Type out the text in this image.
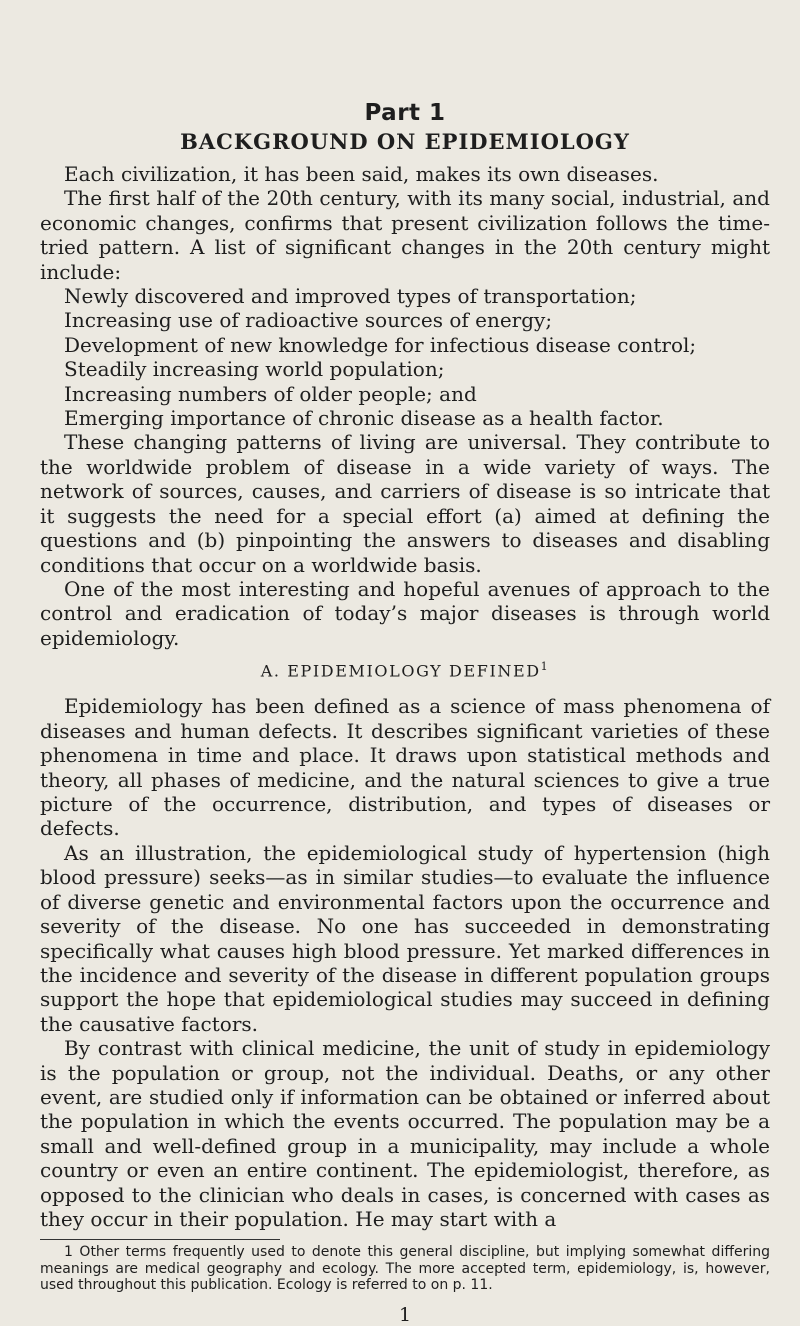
Part 1
BACKGROUND ON EPIDEMIOLOGY

Each civilization, it has been said, makes its own diseases.

The first half of the 20th century, with its many social, industrial, and economic changes, confirms that present civilization follows the time-tried pattern. A list of significant changes in the 20th century might include:

Newly discovered and improved types of transportation;
Increasing use of radioactive sources of energy;
Development of new knowledge for infectious disease control;
Steadily increasing world population;
Increasing numbers of older people; and
Emerging importance of chronic disease as a health factor.

These changing patterns of living are universal. They contribute to the worldwide problem of disease in a wide variety of ways. The network of sources, causes, and carriers of disease is so intricate that it suggests the need for a special effort (a) aimed at defining the questions and (b) pinpointing the answers to diseases and disabling conditions that occur on a worldwide basis.

One of the most interesting and hopeful avenues of approach to the control and eradication of today’s major diseases is through world epidemiology.

A. EPIDEMIOLOGY DEFINED$^1$

Epidemiology has been defined as a science of mass phenomena of diseases and human defects. It describes significant varieties of these phenomena in time and place. It draws upon statistical methods and theory, all phases of medicine, and the natural sciences to give a true picture of the occurrence, distribution, and types of diseases or defects.

As an illustration, the epidemiological study of hypertension (high blood pressure) seeks—as in similar studies—to evaluate the influence of diverse genetic and environmental factors upon the occurrence and severity of the disease. No one has succeeded in demonstrating specifically what causes high blood pressure. Yet marked differences in the incidence and severity of the disease in different population groups support the hope that epidemiological studies may succeed in defining the causative factors.

By contrast with clinical medicine, the unit of study in epidemiology is the population or group, not the individual. Deaths, or any other event, are studied only if information can be obtained or inferred about the population in which the events occurred. The population may be a small and well-defined group in a municipality, may include a whole country or even an entire continent. The epidemiologist, therefore, as opposed to the clinician who deals in cases, is concerned with cases as they occur in their population. He may start with a

1 Other terms frequently used to denote this general discipline, but implying somewhat differing meanings are medical geography and ecology. The more accepted term, epidemiology, is, however, used throughout this publication. Ecology is referred to on p. 11.

1
